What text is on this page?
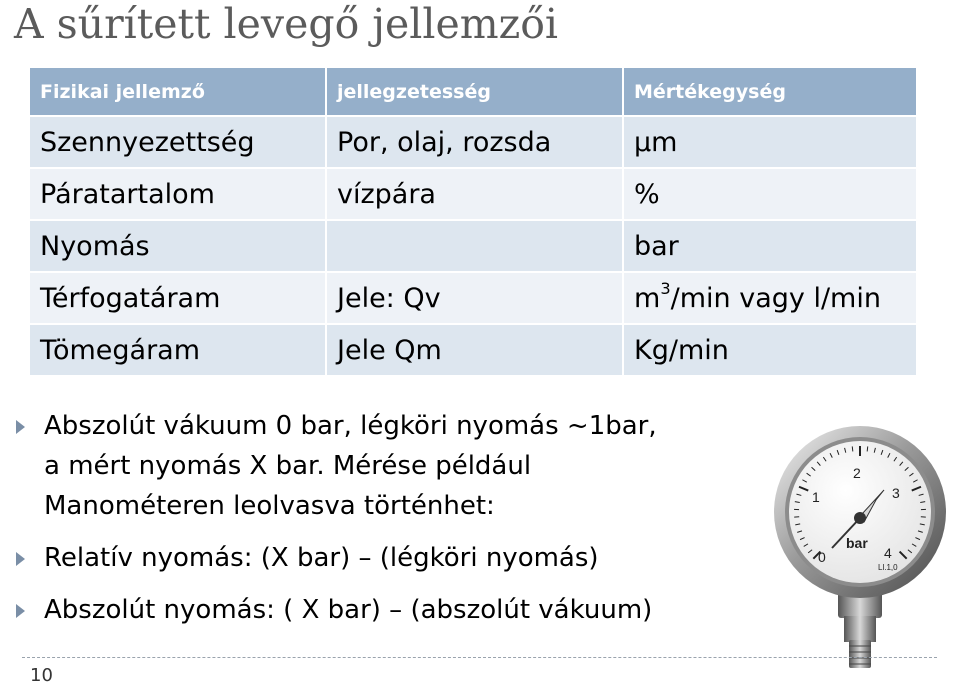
A sűrített levegő jellemzői
Fizikai jellemző	jellegzetesség	Mértékegység
Szennyezettség	Por, olaj, rozsda	μm
Páratartalom	vízpára	%
Nyomás		bar
Térfogatáram	Jele: Qv	$m^3/\min$ vagy l/min
Tömegáram	Jele Qm	Kg/min
Abszolút vákuum 0 bar, légköri nyomás ~1bar,
a mért nyomás X bar. Mérése például
Manométeren leolvasva történhet:
Relatív nyomás: (X bar) – (légköri nyomás)
Abszolút nyomás: ( X bar) – (abszolút vákuum)
0
1
2
3
4
bar
Ll.1,0
10
